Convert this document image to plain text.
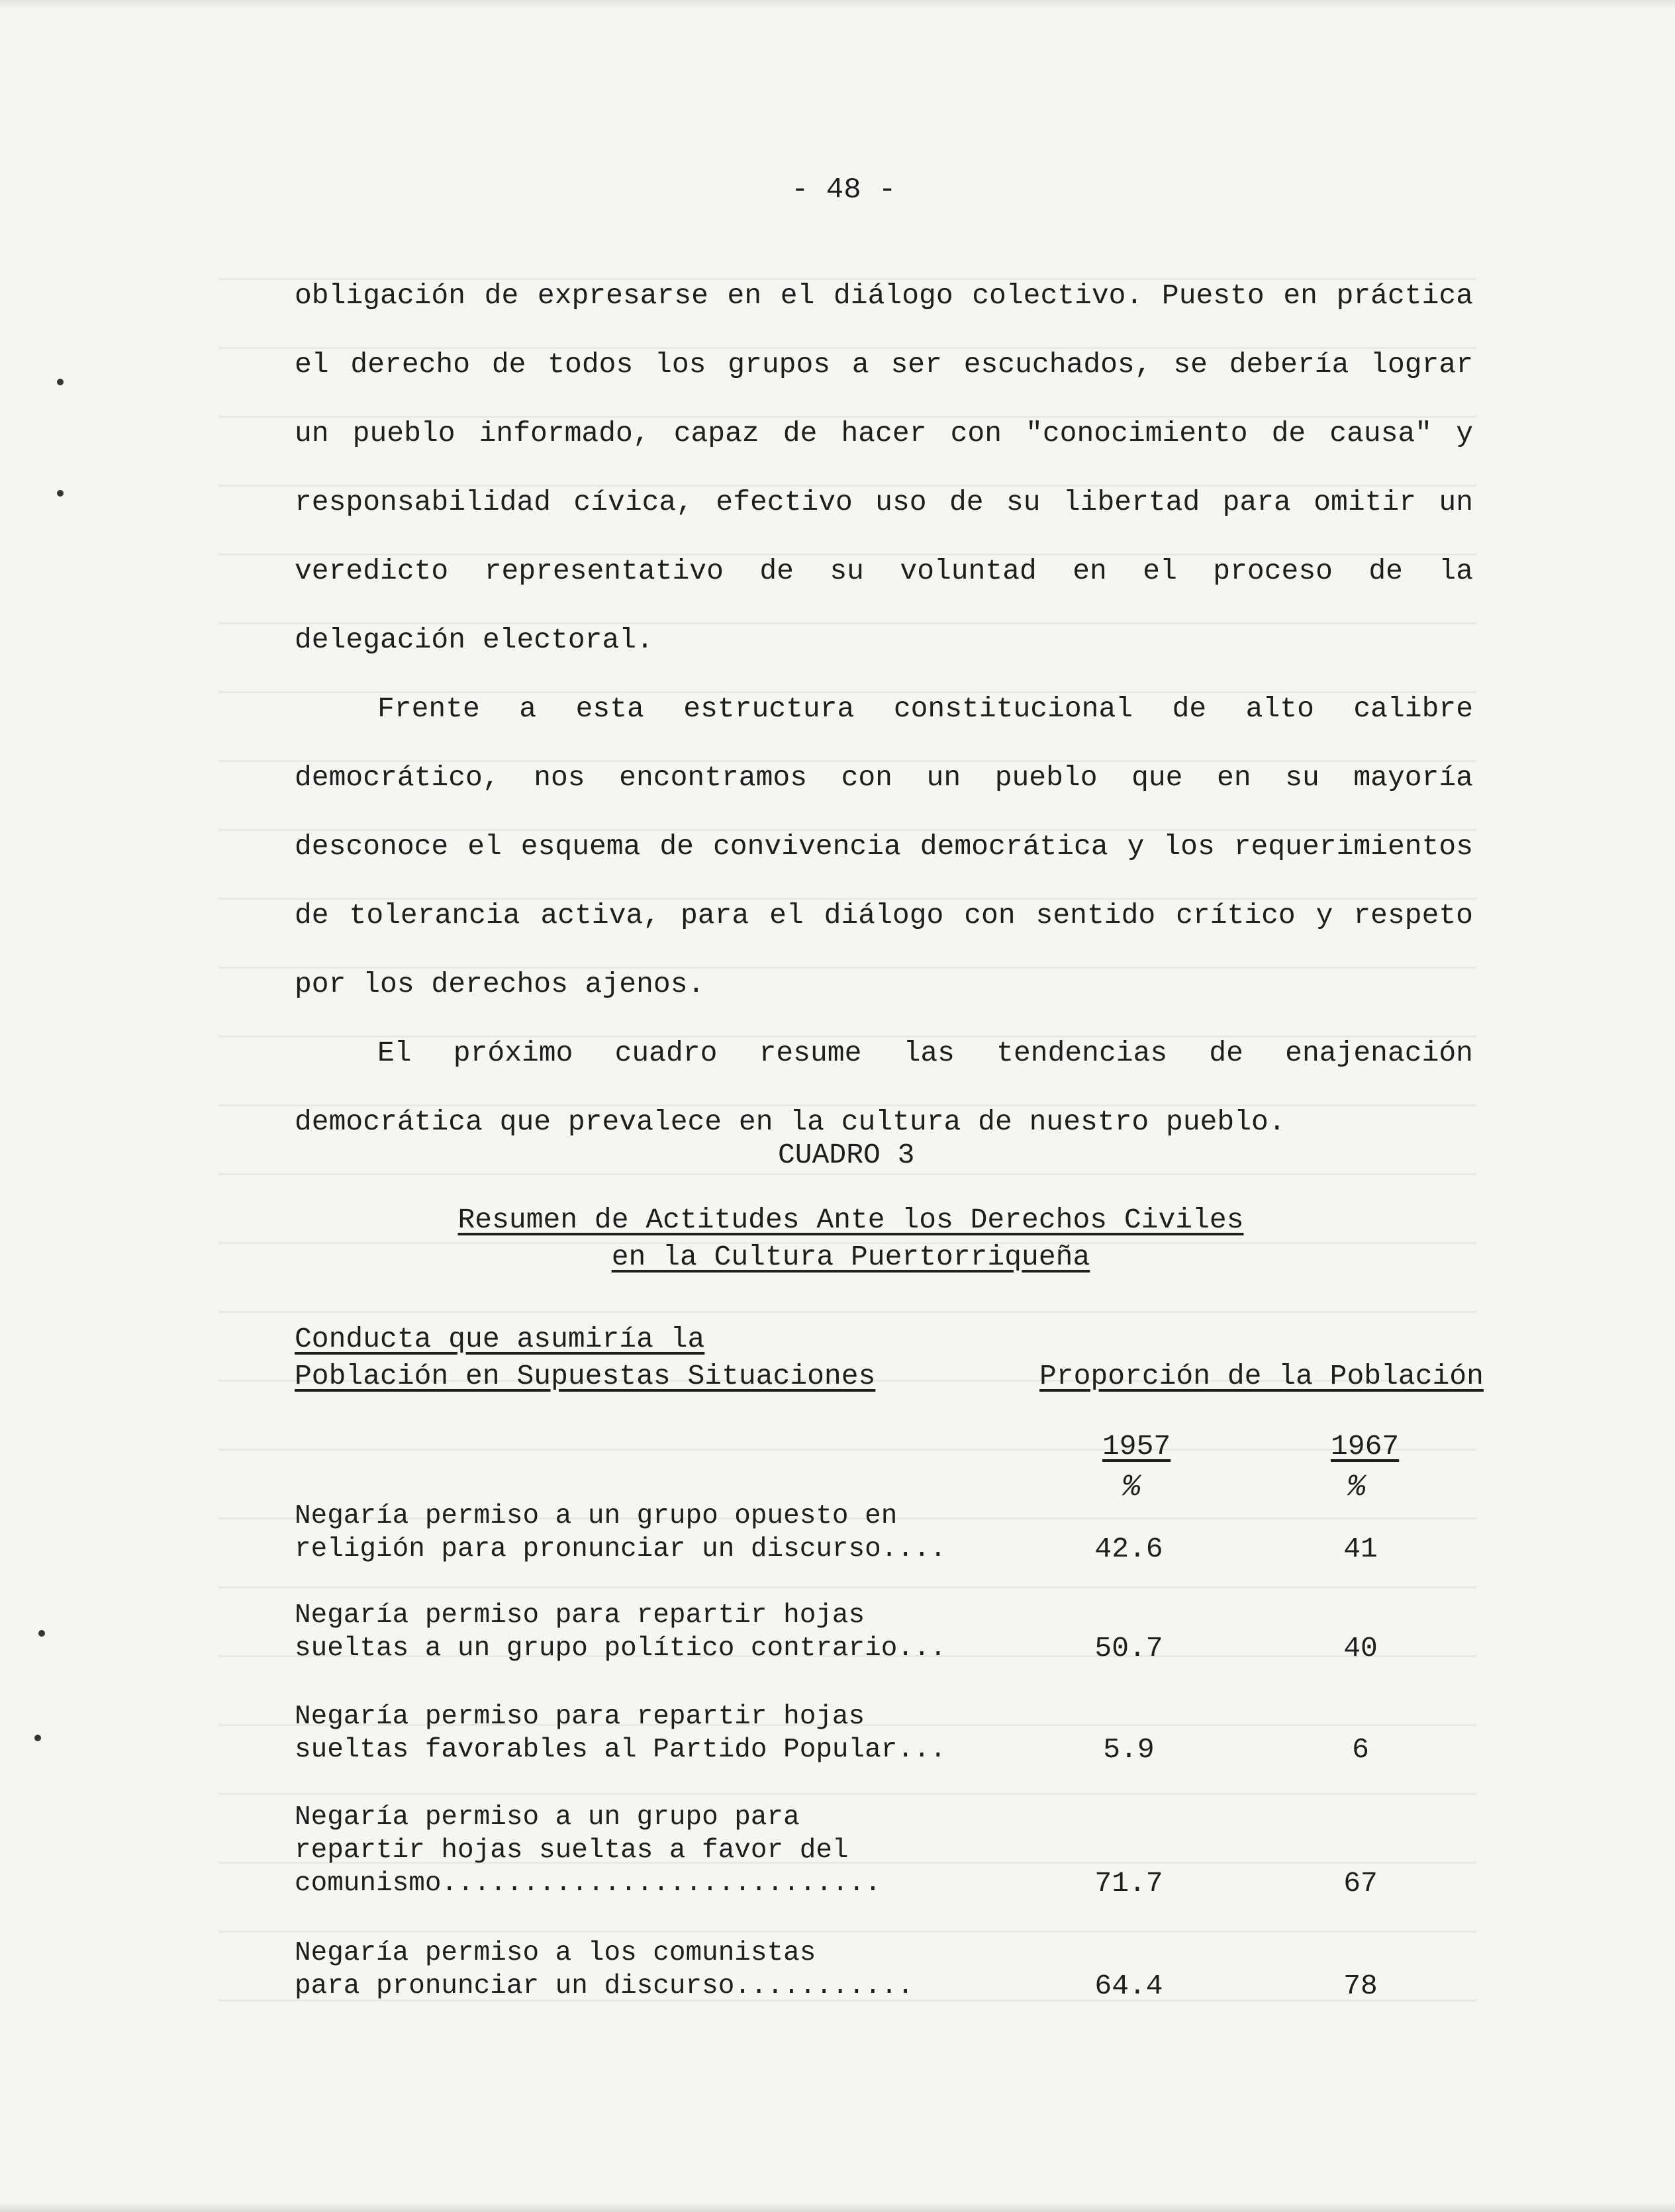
- 48 -

obligación de expresarse en el diálogo colectivo. Puesto en práctica el derecho de todos los grupos a ser escuchados, se debería lograr un pueblo informado, capaz de hacer con "conocimiento de causa" y responsabilidad cívica, efectivo uso de su libertad para omitir un veredicto representativo de su voluntad en el proceso de la delegación electoral.

Frente a esta estructura constitucional de alto calibre democrático, nos encontramos con un pueblo que en su mayoría desconoce el esquema de convivencia democrática y los requerimientos de tolerancia activa, para el diálogo con sentido crítico y respeto por los derechos ajenos.

El próximo cuadro resume las tendencias de enajenación democrática que prevalece en la cultura de nuestro pueblo.

CUADRO 3
Resumen de Actitudes Ante los Derechos Civiles
en la Cultura Puertorriqueña
Conducta que asumiría la
Población en Supuestas Situaciones	Proporción de la Población
1957	1967
%	%
Negaría permiso a un grupo opuesto en
religión para pronunciar un discurso....	42.6	41
Negaría permiso para repartir hojas
sueltas a un grupo político contrario...	50.7	40
Negaría permiso para repartir hojas
sueltas favorables al Partido Popular...	5.9	6
Negaría permiso a un grupo para
repartir hojas sueltas a favor del
comunismo...........................	71.7	67
Negaría permiso a los comunistas
para pronunciar un discurso...........	64.4	78
